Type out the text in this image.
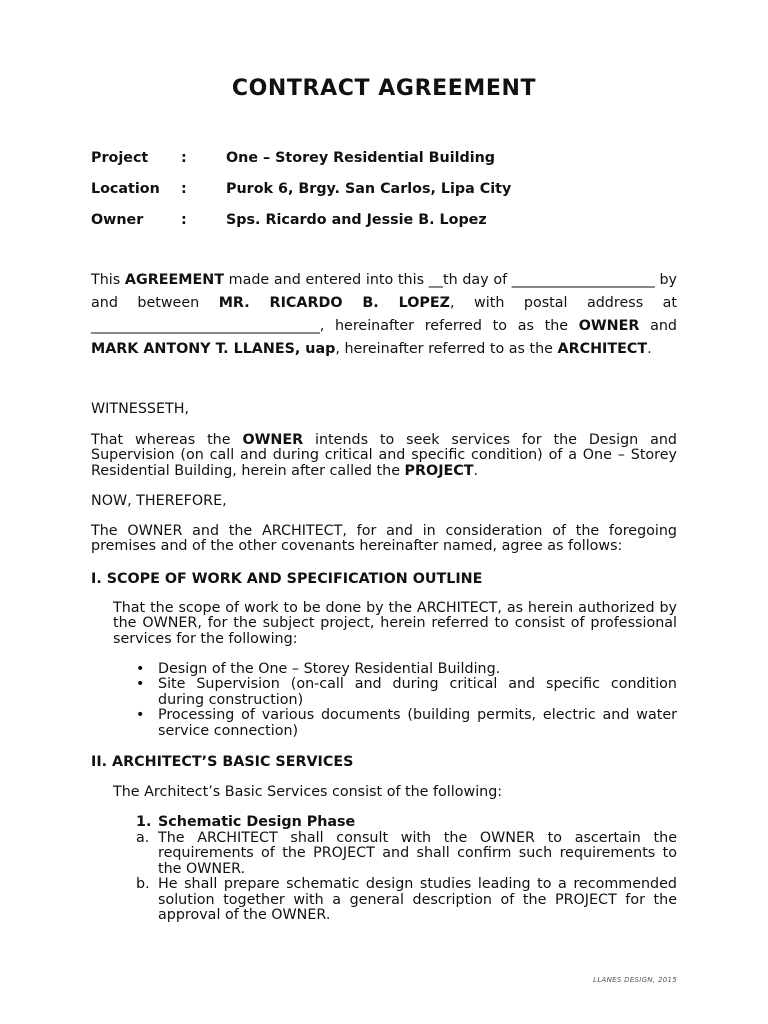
CONTRACT AGREEMENT
Project :	One – Storey Residential Building
Location :	Purok 6, Brgy. San Carlos, Lipa City
Owner	:	Sps. Ricardo and Jessie B. Lopez

This AGREEMENT made and entered into this __th day of ____________________ by and between MR. RICARDO B. LOPEZ, with postal address at ________________________________, hereinafter referred to as the OWNER and MARK ANTONY T. LLANES, uap, hereinafter referred to as the ARCHITECT.

WITNESSETH,

That whereas the OWNER intends to seek services for the Design and Supervision (on call and during critical and specific condition) of a One – Storey Residential Building, herein after called the PROJECT.

NOW, THEREFORE,

The OWNER and the ARCHITECT, for and in consideration of the foregoing premises and of the other covenants hereinafter named, agree as follows:

I. SCOPE OF WORK AND SPECIFICATION OUTLINE

That the scope of work to be done by the ARCHITECT, as herein authorized by the OWNER, for the subject project, herein referred to consist of professional services for the following:

• Design of the One – Storey Residential Building.
• Site Supervision (on-call and during critical and specific condition during construction)
• Processing of various documents (building permits, electric and water service connection)

II. ARCHITECT’S BASIC SERVICES

The Architect’s Basic Services consist of the following:

1. Schematic Design Phase
a. The ARCHITECT shall consult with the OWNER to ascertain the requirements of the PROJECT and shall confirm such requirements to the OWNER.
b. He shall prepare schematic design studies leading to a recommended solution together with a general description of the PROJECT for the approval of the OWNER.
LLANES DESIGN, 2015
